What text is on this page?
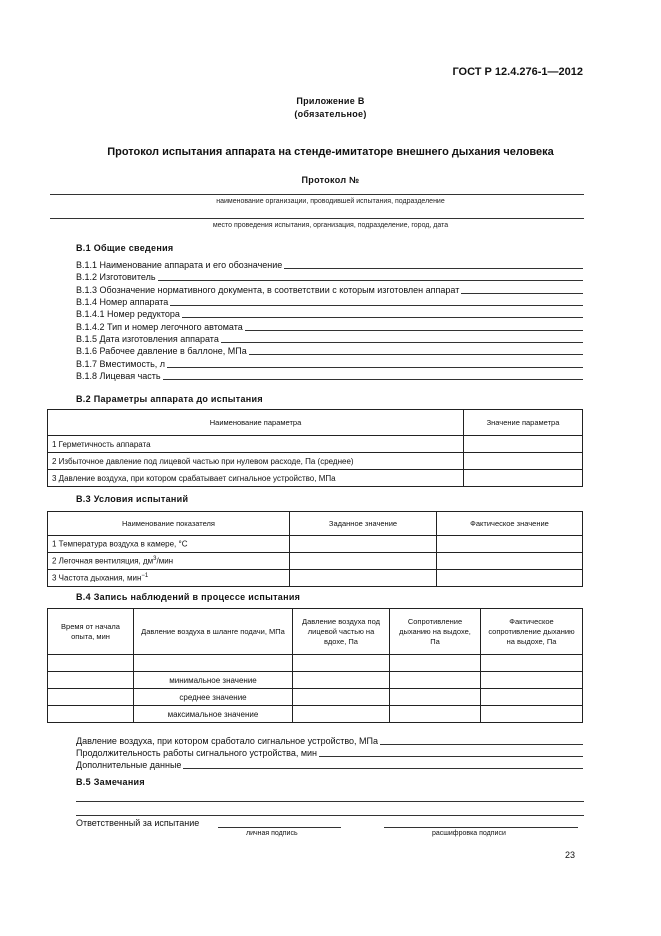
ГОСТ Р 12.4.276-1—2012
Приложение В
(обязательное)
Протокол испытания аппарата на стенде-имитаторе внешнего дыхания человека
Протокол №
наименование организации, проводившей испытания, подразделение
место проведения испытания, организация, подразделение, город, дата
В.1 Общие сведения
В.1.1 Наименование аппарата и его обозначение
В.1.2 Изготовитель
В.1.3 Обозначение нормативного документа, в соответствии с которым изготовлен аппарат
В.1.4 Номер аппарата
В.1.4.1 Номер редуктора
В.1.4.2 Тип и номер легочного автомата
В.1.5 Дата изготовления аппарата
В.1.6 Рабочее давление в баллоне, МПа
В.1.7 Вместимость, л
В.1.8 Лицевая часть
В.2 Параметры аппарата до испытания
Наименование параметра	Значение параметра
1 Герметичность аппарата	
2 Избыточное давление под лицевой частью при нулевом расходе, Па (среднее)	
3 Давление воздуха, при котором срабатывает сигнальное устройство, МПа	
В.3 Условия испытаний
Наименование показателя	Заданное значение	Фактическое значение
1 Температура воздуха в камере, °С		
2 Легочная вентиляция, $дм^3$/мин		
3 Частота дыхания, мин$^{-1}$		
В.4 Запись наблюдений в процессе испытания
Время от начала опыта, мин	Давление воздуха в шланге подачи, МПа	Давление воздуха под лицевой частью на вдохе, Па	Сопротивление дыханию на выдохе, Па	Фактическое сопротивление дыханию на выдохе, Па

	минимальное значение			
	среднее значение			
	максимальное значение			
Давление воздуха, при котором сработало сигнальное устройство, МПа
Продолжительность работы сигнального устройства, мин
Дополнительные данные
В.5 Замечания
Ответственный за испытание
личная подпись	расшифровка подписи
23
